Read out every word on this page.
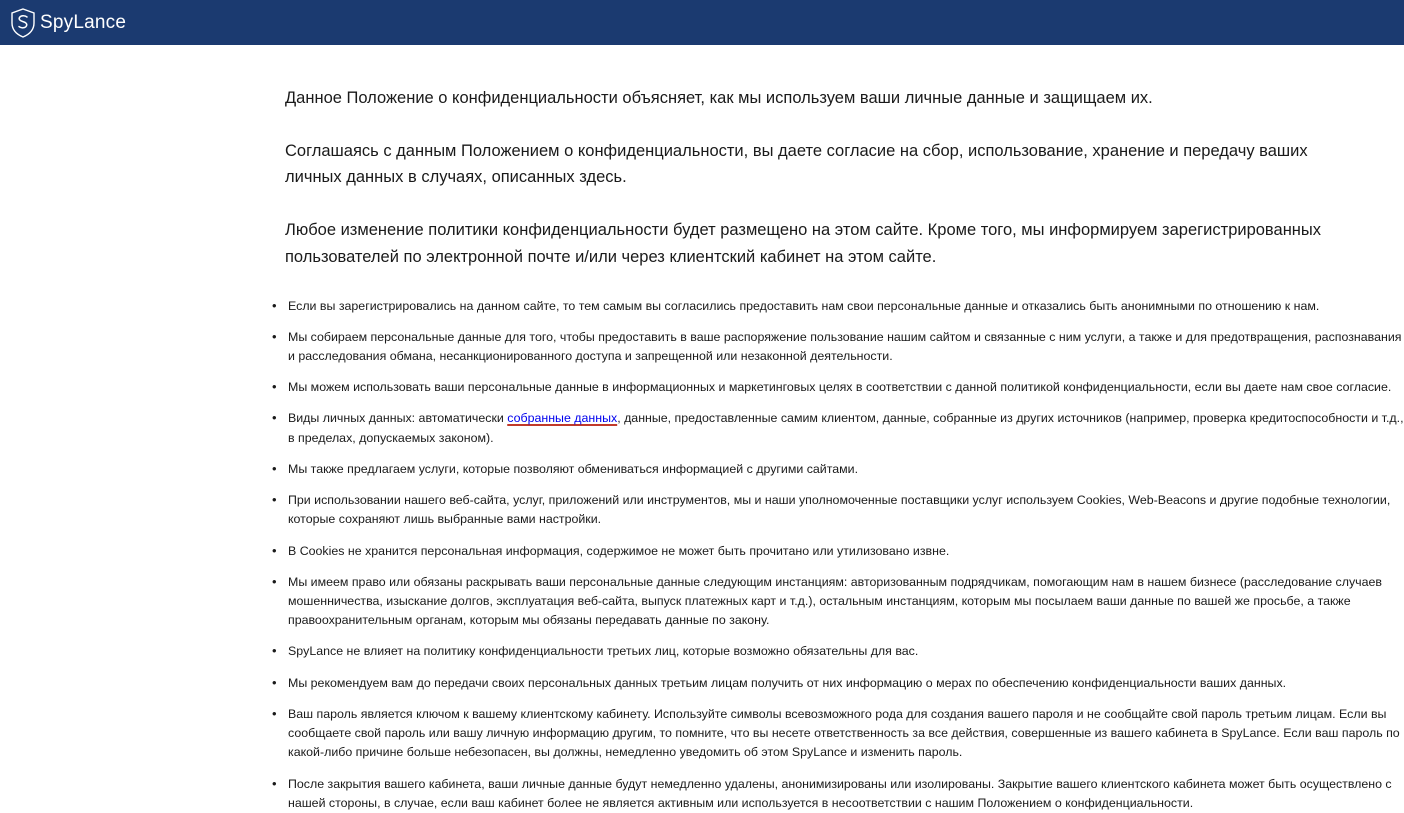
SpyLance

Данное Положение о конфиденциальности объясняет, как мы используем ваши личные данные и защищаем их.

Соглашаясь с данным Положением о конфиденциальности, вы даете согласие на сбор, использование, хранение и передачу ваших личных данных в случаях, описанных здесь.

Любое изменение политики конфиденциальности будет размещено на этом сайте. Кроме того, мы информируем зарегистрированных пользователей по электронной почте и/или через клиентский кабинет на этом сайте.

• Если вы зарегистрировались на данном сайте, то тем самым вы согласились предоставить нам свои персональные данные и отказались быть анонимными по отношению к нам.
• Мы собираем персональные данные для того, чтобы предоставить в ваше распоряжение пользование нашим сайтом и связанные с ним услуги, а также и для предотвращения, распознавания и расследования обмана, несанкционированного доступа и запрещенной или незаконной деятельности.
• Мы можем использовать ваши персональные данные в информационных и маркетинговых целях в соответствии с данной политикой конфиденциальности, если вы даете нам свое согласие.
• Виды личных данных: автоматически собранные данных, данные, предоставленные самим клиентом, данные, собранные из других источников (например, проверка кредитоспособности и т.д., в пределах, допускаемых законом).
• Мы также предлагаем услуги, которые позволяют обмениваться информацией с другими сайтами.
• При использовании нашего веб-сайта, услуг, приложений или инструментов, мы и наши уполномоченные поставщики услуг используем Cookies, Web-Beacons и другие подобные технологии, которые сохраняют лишь выбранные вами настройки.
• В Cookies не хранится персональная информация, содержимое не может быть прочитано или утилизовано извне.
• Мы имеем право или обязаны раскрывать ваши персональные данные следующим инстанциям: авторизованным подрядчикам, помогающим нам в нашем бизнесе (расследование случаев мошенничества, изыскание долгов, эксплуатация веб-сайта, выпуск платежных карт и т.д.), остальным инстанциям, которым мы посылаем ваши данные по вашей же просьбе, а также правоохранительным органам, которым мы обязаны передавать данные по закону.
• SpyLance не влияет на политику конфиденциальности третьих лиц, которые возможно обязательны для вас.
• Мы рекомендуем вам до передачи своих персональных данных третьим лицам получить от них информацию о мерах по обеспечению конфиденциальности ваших данных.
• Ваш пароль является ключом к вашему клиентскому кабинету. Используйте символы всевозможного рода для создания вашего пароля и не сообщайте свой пароль третьим лицам. Если вы сообщаете свой пароль или вашу личную информацию другим, то помните, что вы несете ответственность за все действия, совершенные из вашего кабинета в SpyLance. Если ваш пароль по какой-либо причине больше небезопасен, вы должны, немедленно уведомить об этом SpyLance и изменить пароль.
• После закрытия вашего кабинета, ваши личные данные будут немедленно удалены, анонимизированы или изолированы. Закрытие вашего клиентского кабинета может быть осуществлено с нашей стороны, в случае, если ваш кабинет более не является активным или используется в несоответствии с нашим Положением о конфиденциальности.
